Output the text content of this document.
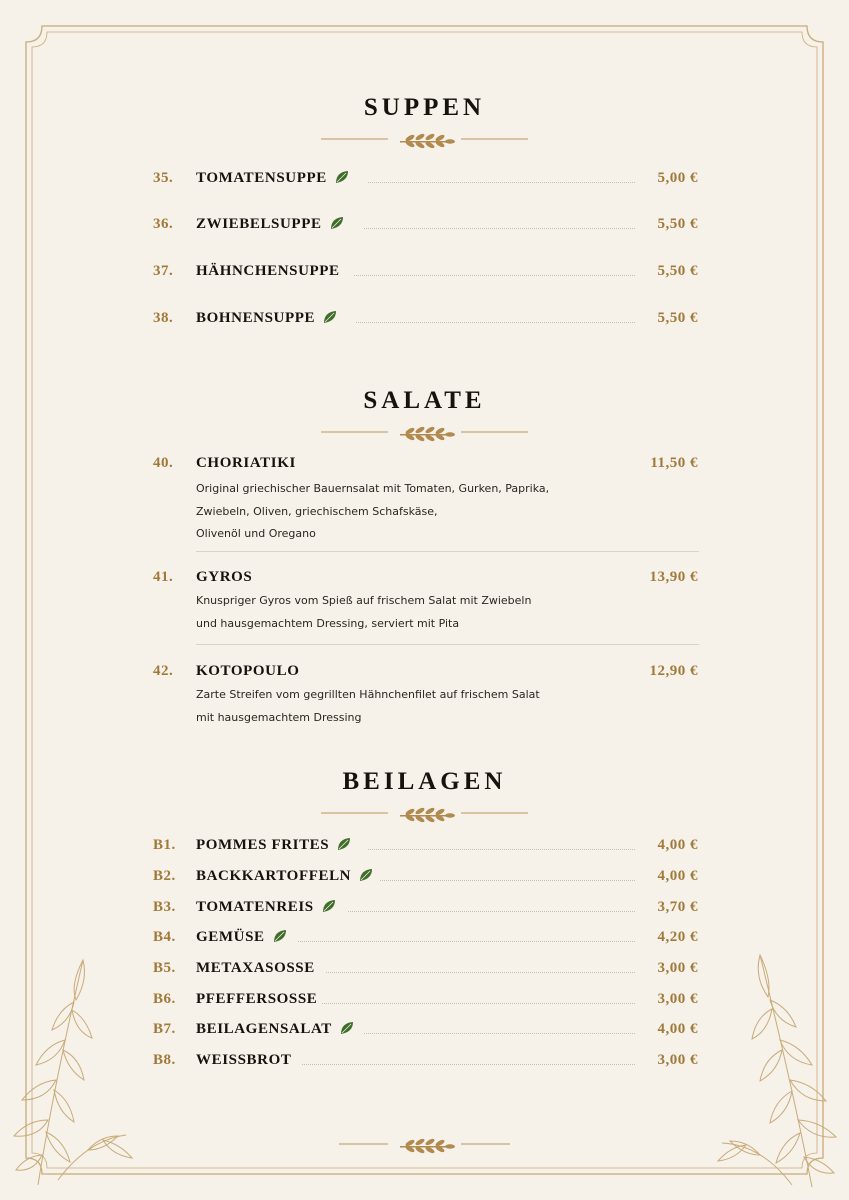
SUPPEN
35. TOMATENSUPPE	5,00 €
36. ZWIEBELSUPPE	5,50 €
37. HÄHNCHENSUPPE	5,50 €
38. BOHNENSUPPE	5,50 €
SALATE
40. CHORIATIKI	11,50 €
Original griechischer Bauernsalat mit Tomaten, Gurken, Paprika,
Zwiebeln, Oliven, griechischem Schafskäse,
Olivenöl und Oregano
41. GYROS	13,90 €
Knuspriger Gyros vom Spieß auf frischem Salat mit Zwiebeln
und hausgemachtem Dressing, serviert mit Pita
42. KOTOPOULO	12,90 €
Zarte Streifen vom gegrillten Hähnchenfilet auf frischem Salat
mit hausgemachtem Dressing
BEILAGEN
B1. POMMES FRITES	4,00 €
B2. BACKKARTOFFELN	4,00 €
B3. TOMATENREIS	3,70 €
B4. GEMÜSE	4,20 €
B5. METAXASOSSE	3,00 €
B6. PFEFFERSOSSE	3,00 €
B7. BEILAGENSALAT	4,00 €
B8. WEISSBROT	3,00 €
